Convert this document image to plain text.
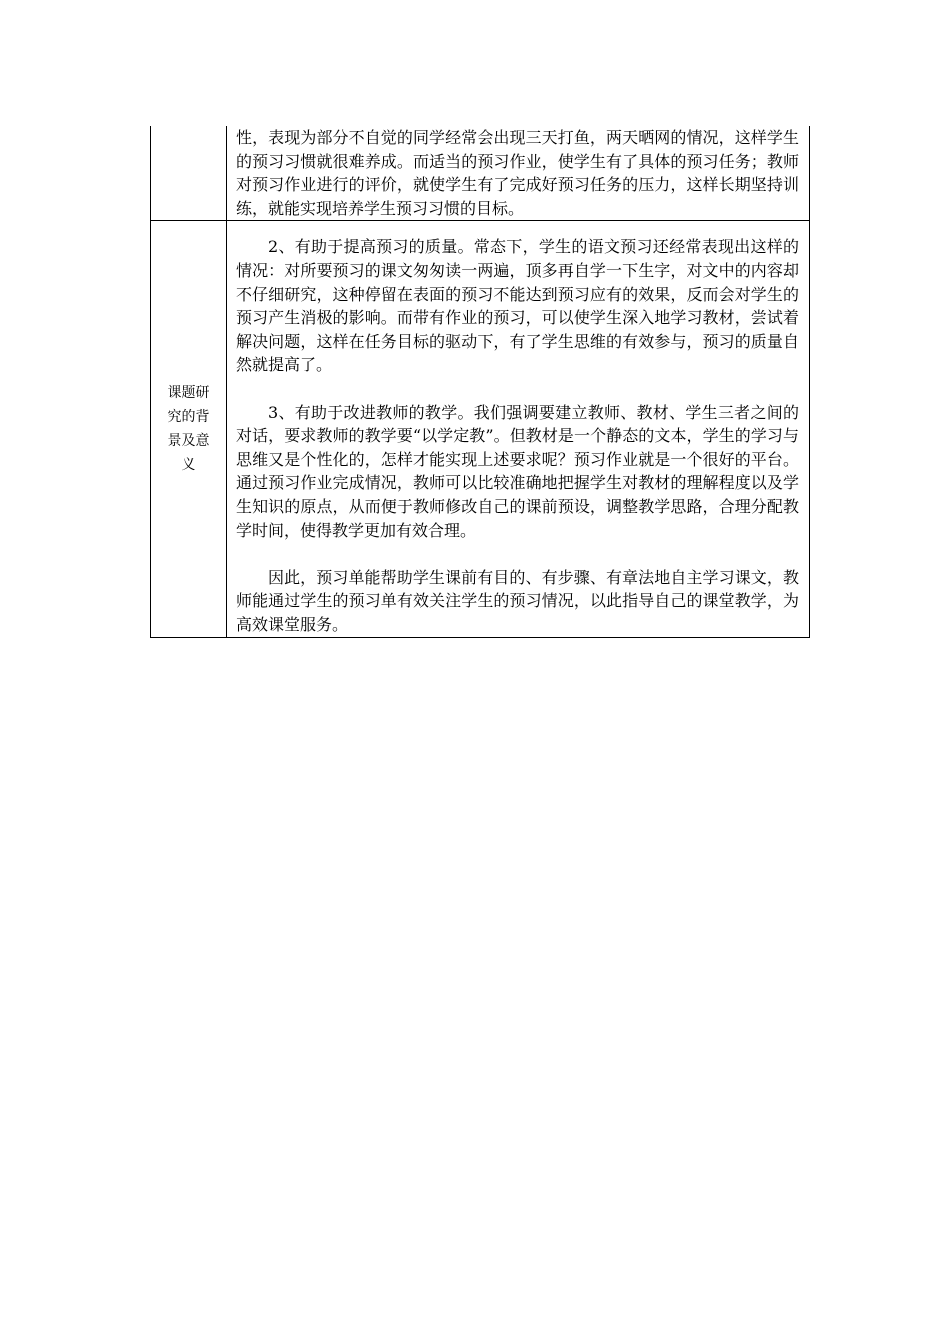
	性，表现为部分不自觉的同学经常会出现三天打鱼，两天晒网的情况，这样学生的预习习惯就很难养成。而适当的预习作业，使学生有了具体的预习任务；教师对预习作业进行的评价，就使学生有了完成好预习任务的压力，这样长期坚持训练，就能实现培养学生预习习惯的目标。

课题研究的背景及意义	2、有助于提高预习的质量。常态下，学生的语文预习还经常表现出这样的情况：对所要预习的课文匆匆读一两遍，顶多再自学一下生字，对文中的内容却不仔细研究，这种停留在表面的预习不能达到预习应有的效果，反而会对学生的预习产生消极的影响。而带有作业的预习，可以使学生深入地学习教材，尝试着解决问题，这样在任务目标的驱动下，有了学生思维的有效参与，预习的质量自然就提高了。

3、有助于改进教师的教学。我们强调要建立教师、教材、学生三者之间的对话，要求教师的教学要“以学定教”。但教材是一个静态的文本，学生的学习与思维又是个性化的，怎样才能实现上述要求呢？预习作业就是一个很好的平台。通过预习作业完成情况，教师可以比较准确地把握学生对教材的理解程度以及学生知识的原点，从而便于教师修改自己的课前预设，调整教学思路，合理分配教学时间，使得教学更加有效合理。

因此，预习单能帮助学生课前有目的、有步骤、有章法地自主学习课文，教师能通过学生的预习单有效关注学生的预习情况，以此指导自己的课堂教学，为高效课堂服务。
